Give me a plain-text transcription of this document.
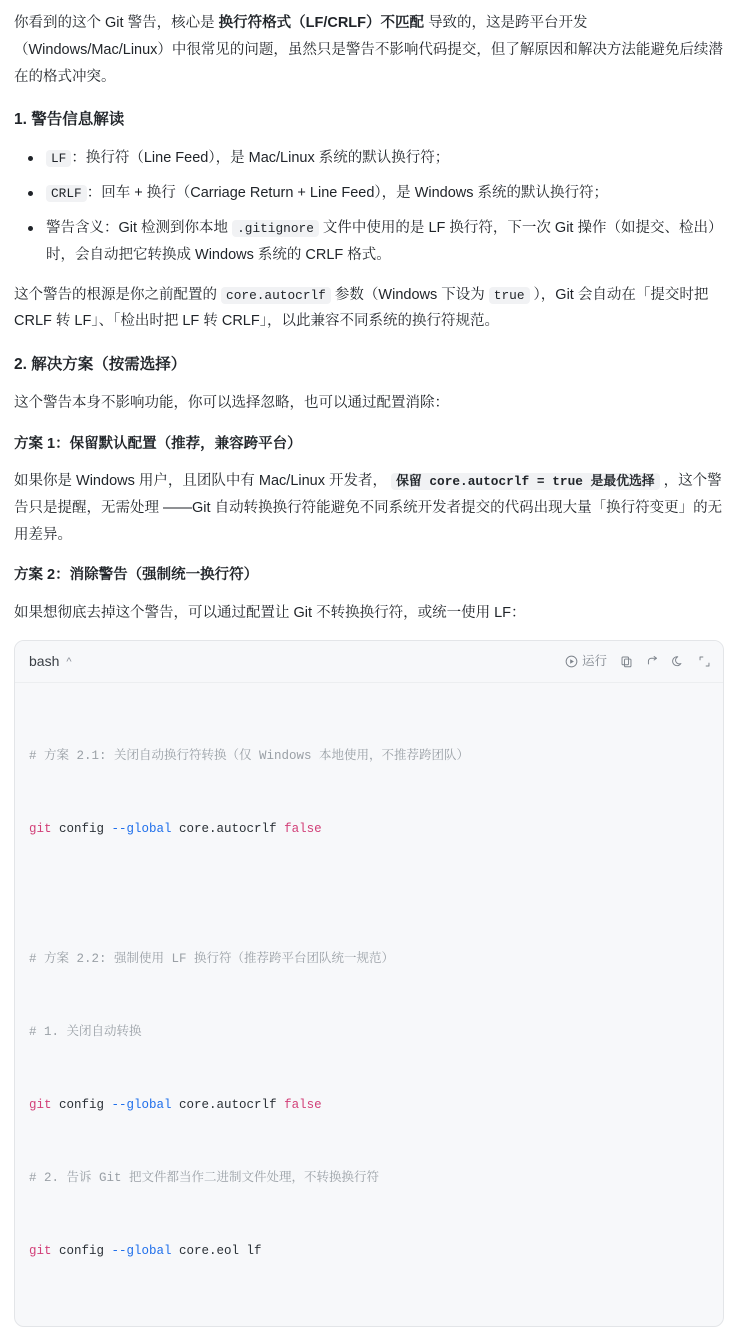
你看到的这个 Git 警告，核心是 换行符格式（LF/CRLF）不匹配 导致的，这是跨平台开发（Windows/Mac/Linux）中很常见的问题，虽然只是警告不影响代码提交，但了解原因和解决方法能避免后续潜在的格式冲突。

1. 警告信息解读
LF ：换行符（Line Feed），是 Mac/Linux 系统的默认换行符；
CRLF ：回车 + 换行（Carriage Return + Line Feed），是 Windows 系统的默认换行符；
警告含义：Git 检测到你本地 .gitignore 文件中使用的是 LF 换行符，下一次 Git 操作（如提交、检出）时，会自动把它转换成 Windows 系统的 CRLF 格式。

这个警告的根源是你之前配置的 core.autocrlf 参数（Windows 下设为 true ），Git 会自动在「提交时把 CRLF 转 LF」、「检出时把 LF 转 CRLF」，以此兼容不同系统的换行符规范。

2. 解决方案（按需选择）

这个警告本身不影响功能，你可以选择忽略，也可以通过配置消除：

方案 1：保留默认配置（推荐，兼容跨平台）

如果你是 Windows 用户，且团队中有 Mac/Linux 开发者， 保留 core.autocrlf = true 是最优选择 ，这个警告只是提醒，无需处理 ——Git 自动转换换行符能避免不同系统开发者提交的代码出现大量「换行符变更」的无用差异。

方案 2：消除警告（强制统一换行符）

如果想彻底去掉这个警告，可以通过配置让 Git 不转换换行符，或统一使用 LF：

bash ^	运行

# 方案 2.1: 关闭自动换行符转换（仅 Windows 本地使用，不推荐跨团队）

git config --global core.autocrlf false

# 方案 2.2: 强制使用 LF 换行符（推荐跨平台团队统一规范）

# 1. 关闭自动转换

git config --global core.autocrlf false

# 2. 告诉 Git 把文件都当作二进制文件处理，不转换换行符

git config --global core.eol lf
